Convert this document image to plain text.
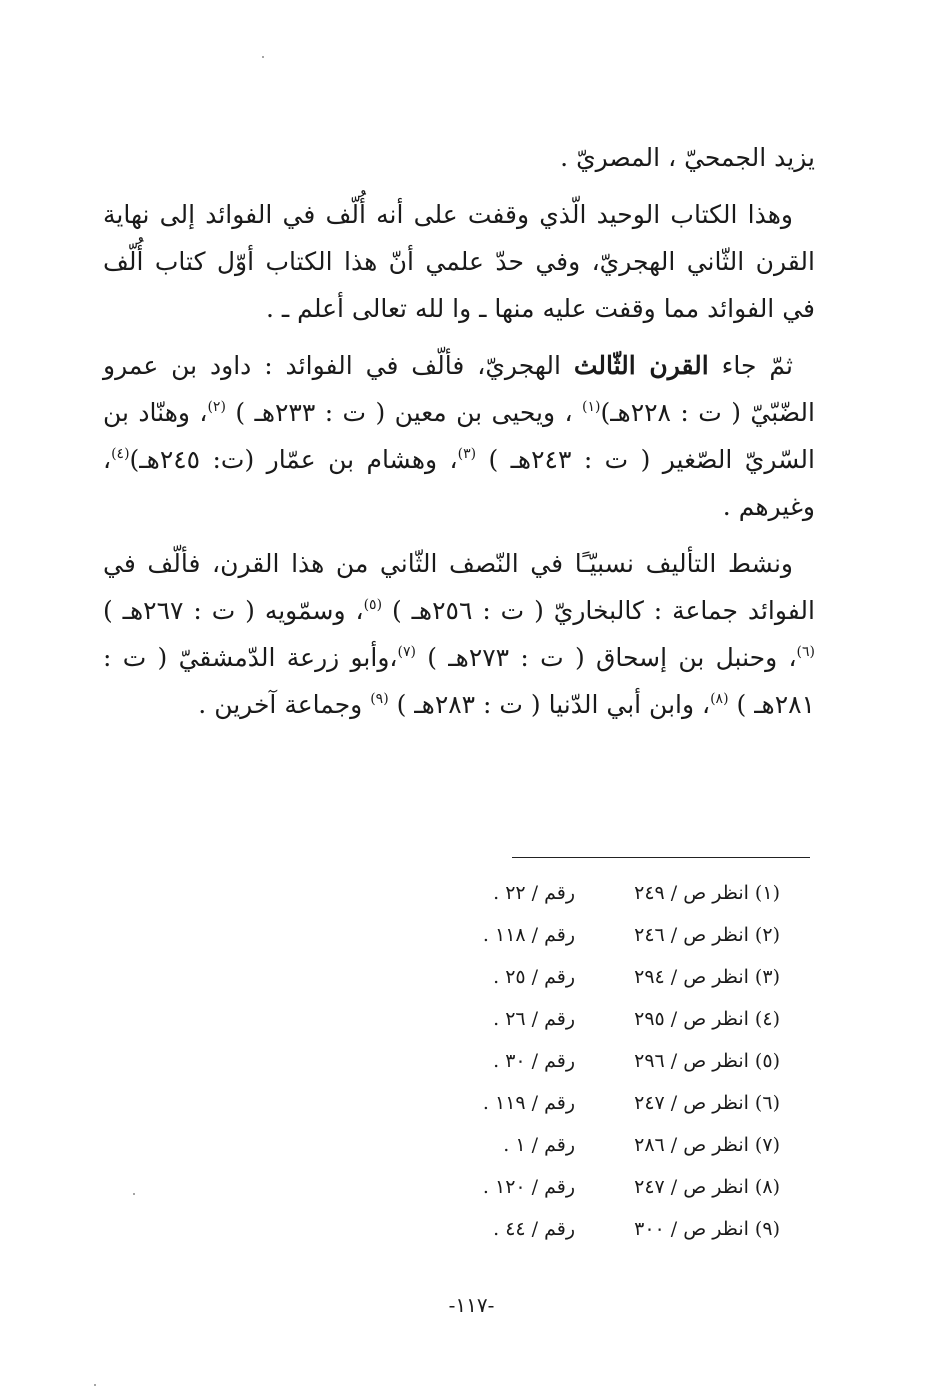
يزيد الجمحيّ ، المصريّ .

وهذا الكتاب الوحيد الّذي وقفت على أنه أُلّف في الفوائد إلى نهاية القرن الثّاني الهجريّ، وفي حدّ علمي أنّ هذا الكتاب أوّل كتاب أُلّف في الفوائد مما وقفت عليه منها ـ وا لله تعالى أعلم ـ .

ثمّ جاء القرن الثّالث الهجريّ، فألّف في الفوائد : داود بن عمرو الضّبّيّ ( ت : ٢٢٨هـ)$^{(١)}$ ، ويحيى بن معين ( ت : ٢٣٣هـ ) $^{(٢)}$، وهنّاد بن السّريّ الصّغير ( ت : ٢٤٣هـ ) $^{(٣)}$، وهشام بن عمّار (ت: ٢٤٥هـ)$^{(٤)}$، وغيرهم .

ونشط التأليف نسبيّـًا في النّصف الثّاني من هذا القرن، فألّف في الفوائد جماعة : كالبخاريّ ( ت : ٢٥٦هـ ) $^{(٥)}$، وسمّويه ( ت : ٢٦٧هـ ) $^{(٦)}$، وحنبل بن إسحاق ( ت : ٢٧٣هـ ) $^{(٧)}$،وأبو زرعة الدّمشقيّ ( ت : ٢٨١هـ ) $^{(٨)}$، وابن أبي الدّنيا ( ت : ٢٨٣هـ ) $^{(٩)}$ وجماعة آخرين .

(١) انظر ص / ٢٤٩
رقم / ٢٢ .
(٢) انظر ص / ٢٤٦
رقم / ١١٨ .
(٣) انظر ص / ٢٩٤
رقم / ٢٥ .
(٤) انظر ص / ٢٩٥
رقم / ٢٦ .
(٥) انظر ص / ٢٩٦
رقم / ٣٠ .
(٦) انظر ص / ٢٤٧
رقم / ١١٩ .
(٧) انظر ص / ٢٨٦
رقم / ١ .
(٨) انظر ص / ٢٤٧
رقم / ١٢٠ .
(٩) انظر ص / ٣٠٠
رقم / ٤٤ .
-١١٧-
